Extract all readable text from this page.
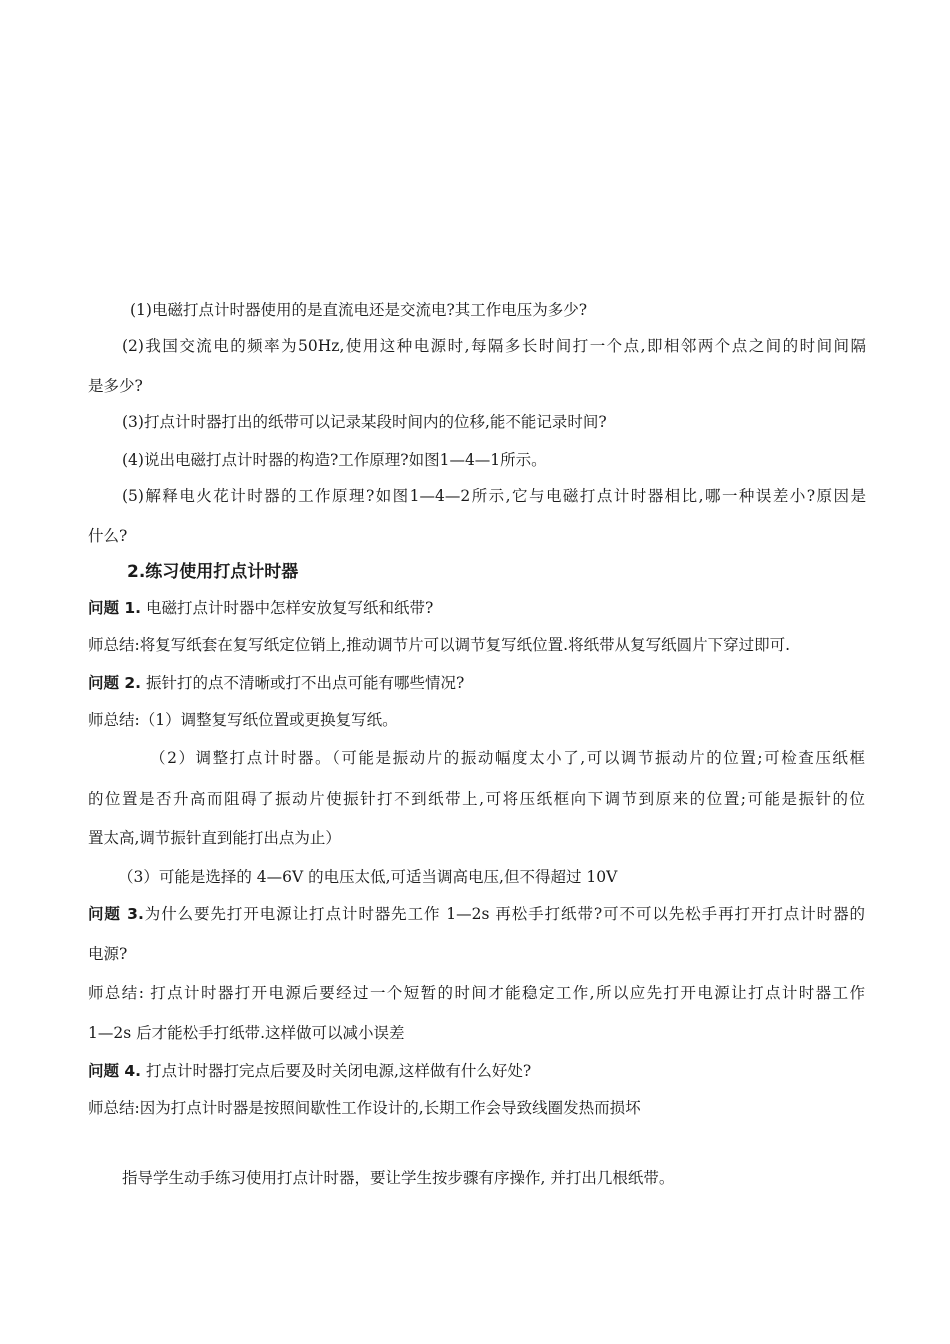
(1)电磁打点计时器使用的是直流电还是交流电?其工作电压为多少?
(2)我国交流电的频率为50Hz,使用这种电源时,每隔多长时间打一个点,即相邻两个点之间的时间间隔
是多少?
(3)打点计时器打出的纸带可以记录某段时间内的位移,能不能记录时间?
(4)说出电磁打点计时器的构造?工作原理?如图1—4—1所示。
(5)解释电火花计时器的工作原理?如图1—4—2所示,它与电磁打点计时器相比,哪一种误差小?原因是
什么?
2.练习使用打点计时器
问题 1. 电磁打点计时器中怎样安放复写纸和纸带?
师总结:将复写纸套在复写纸定位销上,推动调节片可以调节复写纸位置.将纸带从复写纸圆片下穿过即可.
问题 2. 振针打的点不清晰或打不出点可能有哪些情况?
师总结:（1）调整复写纸位置或更换复写纸。
（2）调整打点计时器。（可能是振动片的振动幅度太小了,可以调节振动片的位置;可检查压纸框
的位置是否升高而阻碍了振动片使振针打不到纸带上,可将压纸框向下调节到原来的位置;可能是振针的位
置太高,调节振针直到能打出点为止）
（3）可能是选择的 4—6V 的电压太低,可适当调高电压,但不得超过 10V
问题 3.为什么要先打开电源让打点计时器先工作 1—2s 再松手打纸带?可不可以先松手再打开打点计时器的
电源?
师总结: 打点计时器打开电源后要经过一个短暂的时间才能稳定工作,所以应先打开电源让打点计时器工作
1—2s 后才能松手打纸带.这样做可以减小误差
问题 4. 打点计时器打完点后要及时关闭电源,这样做有什么好处?
师总结:因为打点计时器是按照间歇性工作设计的,长期工作会导致线圈发热而损坏
指导学生动手练习使用打点计时器，要让学生按步骤有序操作, 并打出几根纸带。
